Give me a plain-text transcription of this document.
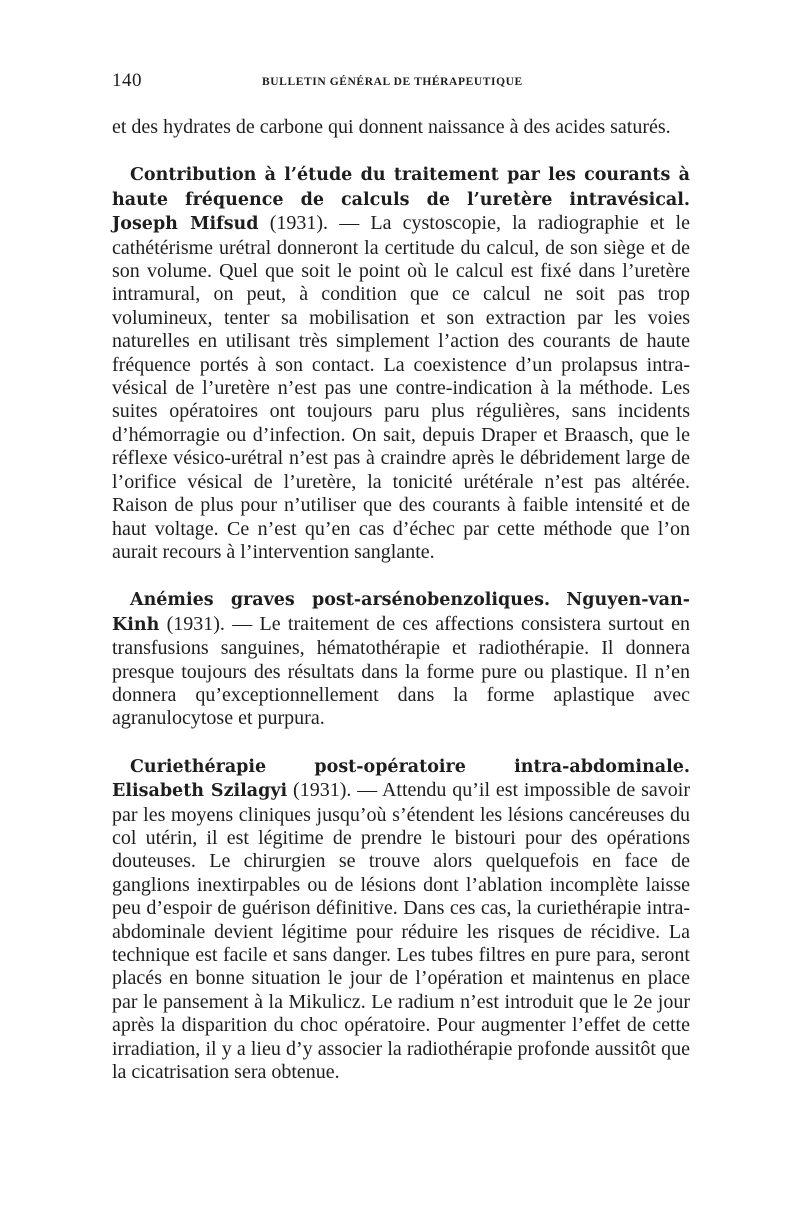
140	BULLETIN GÉNÉRAL DE THÉRAPEUTIQUE

et des hydrates de carbone qui donnent naissance à des acides saturés.

Contribution à l’étude du traitement par les courants à haute fréquence de calculs de l’uretère intravésical. Joseph Mifsud (1931). — La cystoscopie, la radiographie et le cathétérisme urétral donneront la certitude du calcul, de son siège et de son volume. Quel que soit le point où le calcul est fixé dans l’uretère intramural, on peut, à condition que ce calcul ne soit pas trop volumineux, tenter sa mobilisation et son extraction par les voies naturelles en utilisant très simplement l’action des courants de haute fréquence portés à son contact. La coexistence d’un prolapsus intra-vésical de l’uretère n’est pas une contre-indication à la méthode. Les suites opératoires ont toujours paru plus régulières, sans incidents d’hémorragie ou d’infection. On sait, depuis Draper et Braasch, que le réflexe vésico-urétral n’est pas à craindre après le débridement large de l’orifice vésical de l’uretère, la tonicité urétérale n’est pas altérée. Raison de plus pour n’utiliser que des courants à faible intensité et de haut voltage. Ce n’est qu’en cas d’échec par cette méthode que l’on aurait recours à l’intervention sanglante.

Anémies graves post-arsénobenzoliques. Nguyen-van-Kinh (1931). — Le traitement de ces affections consistera surtout en transfusions sanguines, hématothérapie et radiothérapie. Il donnera presque toujours des résultats dans la forme pure ou plastique. Il n’en donnera qu’exceptionnellement dans la forme aplastique avec agranulocytose et purpura.

Curiethérapie post-opératoire intra-abdominale. Elisabeth Szilagyi (1931). — Attendu qu’il est impossible de savoir par les moyens cliniques jusqu’où s’étendent les lésions cancéreuses du col utérin, il est légitime de prendre le bistouri pour des opérations douteuses. Le chirurgien se trouve alors quelquefois en face de ganglions inextirpables ou de lésions dont l’ablation incomplète laisse peu d’espoir de guérison définitive. Dans ces cas, la curiethérapie intra-abdominale devient légitime pour réduire les risques de récidive. La technique est facile et sans danger. Les tubes filtres en pure para, seront placés en bonne situation le jour de l’opération et maintenus en place par le pansement à la Mikulicz. Le radium n’est introduit que le 2e jour après la disparition du choc opératoire. Pour augmenter l’effet de cette irradiation, il y a lieu d’y associer la radiothérapie profonde aussitôt que la cicatrisation sera obtenue.
